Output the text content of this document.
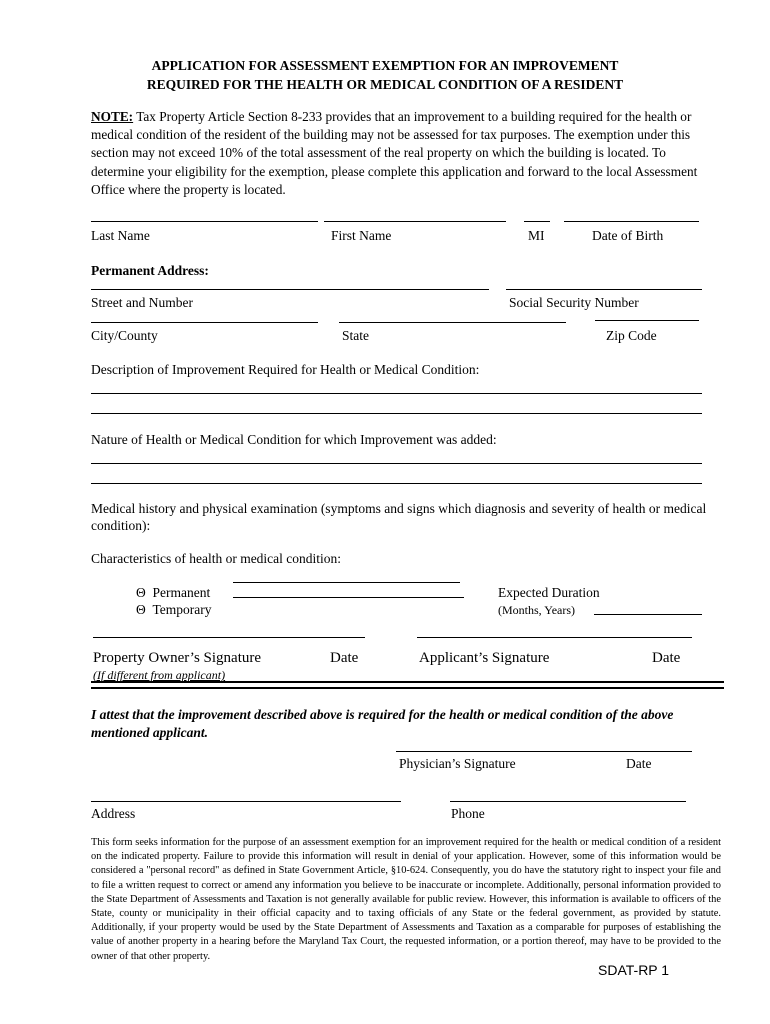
APPLICATION FOR ASSESSMENT EXEMPTION FOR AN IMPROVEMENT
REQUIRED FOR THE HEALTH OR MEDICAL CONDITION OF A RESIDENT
NOTE: Tax Property Article Section 8-233 provides that an improvement to a building required for the health or medical condition of the resident of the building may not be assessed for tax purposes. The exemption under this section may not exceed 10% of the total assessment of the real property on which the building is located. To determine your eligibility for the exemption, please complete this application and forward to the local Assessment Office where the property is located.
Last Name	First Name	MI	Date of Birth
Permanent Address:
Street and Number	Social Security Number
City/County	State	Zip Code
Description of Improvement Required for Health or Medical Condition:
Nature of Health or Medical Condition for which Improvement was added:
Medical history and physical examination (symptoms and signs which diagnosis and severity of health or medical condition):
Characteristics of health or medical condition:
Θ Permanent
Θ Temporary
Expected Duration
(Months, Years)
Property Owner’s Signature	Date	Applicant’s Signature	Date
(If different from applicant)
I attest that the improvement described above is required for the health or medical condition of the above mentioned applicant.
Physician’s Signature	Date
Address	Phone
This form seeks information for the purpose of an assessment exemption for an improvement required for the health or medical condition of a resident on the indicated property. Failure to provide this information will result in denial of your application. However, some of this information would be considered a "personal record" as defined in State Government Article, §10-624. Consequently, you do have the statutory right to inspect your file and to file a written request to correct or amend any information you believe to be inaccurate or incomplete. Additionally, personal information provided to the State Department of Assessments and Taxation is not generally available for public review. However, this information is available to officers of the State, county or municipality in their official capacity and to taxing officials of any State or the federal government, as provided by statute. Additionally, if your property would be used by the State Department of Assessments and Taxation as a comparable for purposes of establishing the value of another property in a hearing before the Maryland Tax Court, the requested information, or a portion thereof, may have to be provided to the owner of that other property.
SDAT-RP 1
